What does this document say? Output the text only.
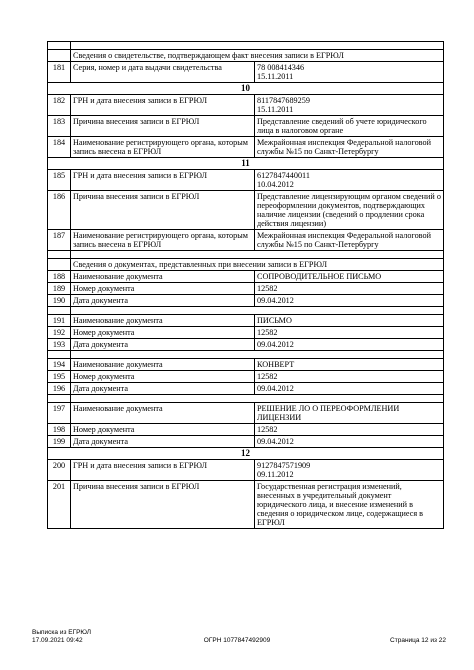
	Сведения о свидетельстве, подтверждающем факт внесения записи в ЕГРЮЛ	
181	Серия, номер и дата выдачи свидетельства	78 008414346
15.11.2011
10		
182	ГРН и дата внесения записи в ЕГРЮЛ	8117847689259
15.11.2011
183	Причина внесения записи в ЕГРЮЛ	Представление сведений об учете юридического лица в налоговом органе
184	Наименование регистрирующего органа, которым запись внесена в ЕГРЮЛ	Межрайонная инспекция Федеральной налоговой службы №15 по Санкт-Петербургу
11		
185	ГРН и дата внесения записи в ЕГРЮЛ	6127847440011
10.04.2012
186	Причина внесения записи в ЕГРЮЛ	Представление лицензирующим органом сведений о переоформлении документов, подтверждающих наличие лицензии (сведений о продлении срока действия лицензии)
187	Наименование регистрирующего органа, которым запись внесена в ЕГРЮЛ	Межрайонная инспекция Федеральной налоговой службы №15 по Санкт-Петербургу

	Сведения о документах, представленных при внесении записи в ЕГРЮЛ	
188	Наименование документа	СОПРОВОДИТЕЛЬНОЕ ПИСЬМО
189	Номер документа	12582
190	Дата документа	09.04.2012

191	Наименование документа	ПИСЬМО
192	Номер документа	12582
193	Дата документа	09.04.2012

194	Наименование документа	КОНВЕРТ
195	Номер документа	12582
196	Дата документа	09.04.2012

197	Наименование документа	РЕШЕНИЕ ЛО О ПЕРЕОФОРМЛЕНИИ ЛИЦЕНЗИИ
198	Номер документа	12582
199	Дата документа	09.04.2012
12		
200	ГРН и дата внесения записи в ЕГРЮЛ	9127847571909
09.11.2012
201	Причина внесения записи в ЕГРЮЛ	Государственная регистрация изменений, внесенных в учредительный документ юридического лица, и внесение изменений в сведения о юридическом лице, содержащиеся в ЕГРЮЛ
Выписка из ЕГРЮЛ
17.09.2021 09:42	ОГРН 1077847492909	Страница 12 из 22
